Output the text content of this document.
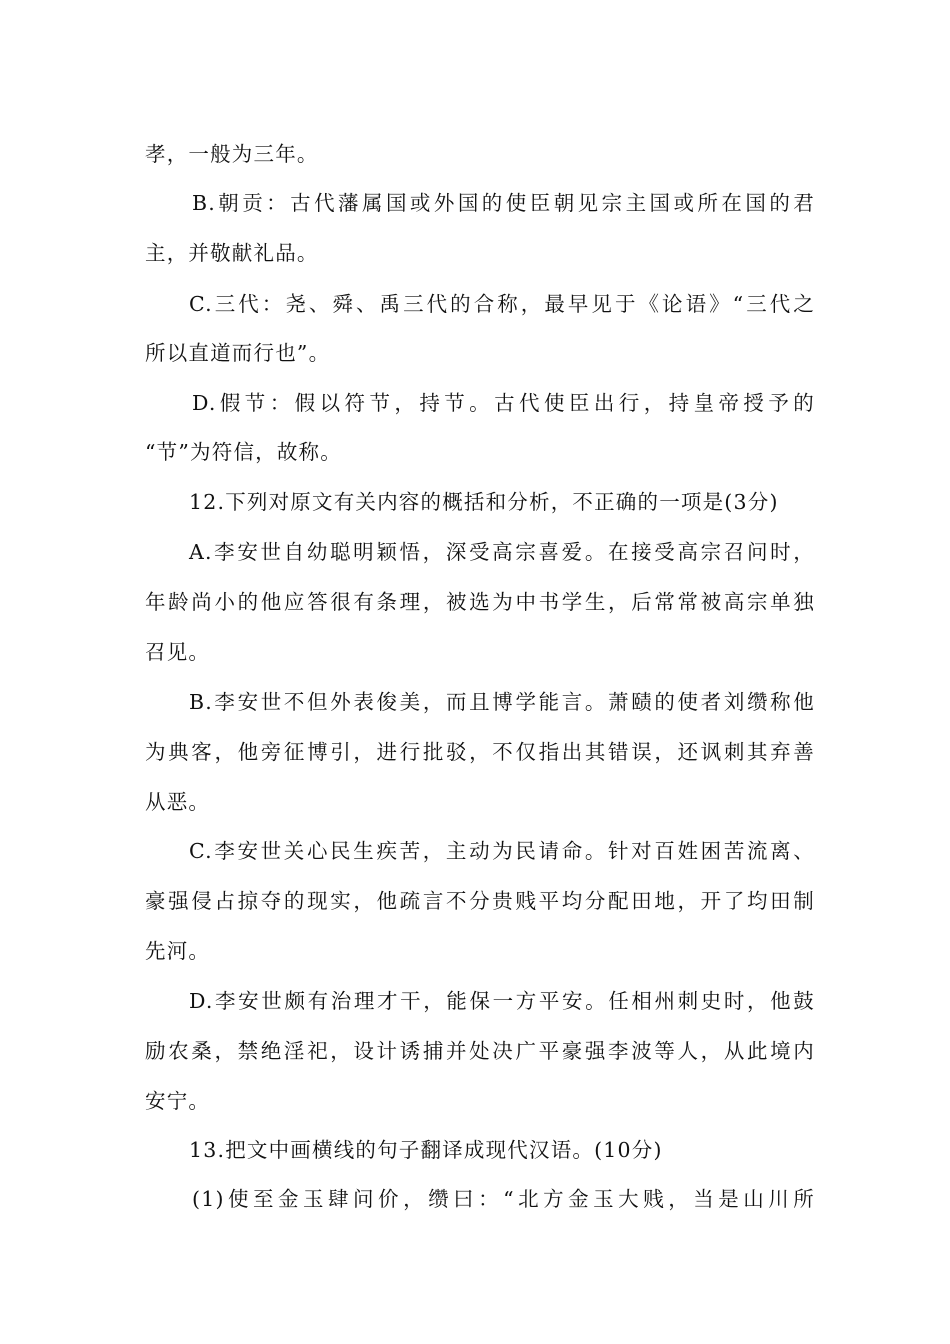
孝，一般为三年。
B.朝贡：古代藩属国或外国的使臣朝见宗主国或所在国的君
主，并敬献礼品。
C.三代：尧、舜、禹三代的合称，最早见于《论语》“三代之
所以直道而行也”。
D.假节：假以符节，持节。古代使臣出行，持皇帝授予的
“节”为符信，故称。
12.下列对原文有关内容的概括和分析，不正确的一项是(3分)
A.李安世自幼聪明颖悟，深受高宗喜爱。在接受高宗召问时，
年龄尚小的他应答很有条理，被选为中书学生，后常常被高宗单独
召见。
B.李安世不但外表俊美，而且博学能言。萧赜的使者刘缵称他
为典客，他旁征博引，进行批驳，不仅指出其错误，还讽刺其弃善
从恶。
C.李安世关心民生疾苦，主动为民请命。针对百姓困苦流离、
豪强侵占掠夺的现实，他疏言不分贵贱平均分配田地，开了均田制
先河。
D.李安世颇有治理才干，能保一方平安。任相州刺史时，他鼓
励农桑，禁绝淫祀，设计诱捕并处决广平豪强李波等人，从此境内
安宁。
13.把文中画横线的句子翻译成现代汉语。(10分)
(1)使至金玉肆问价，缵曰：“北方金玉大贱，当是山川所
